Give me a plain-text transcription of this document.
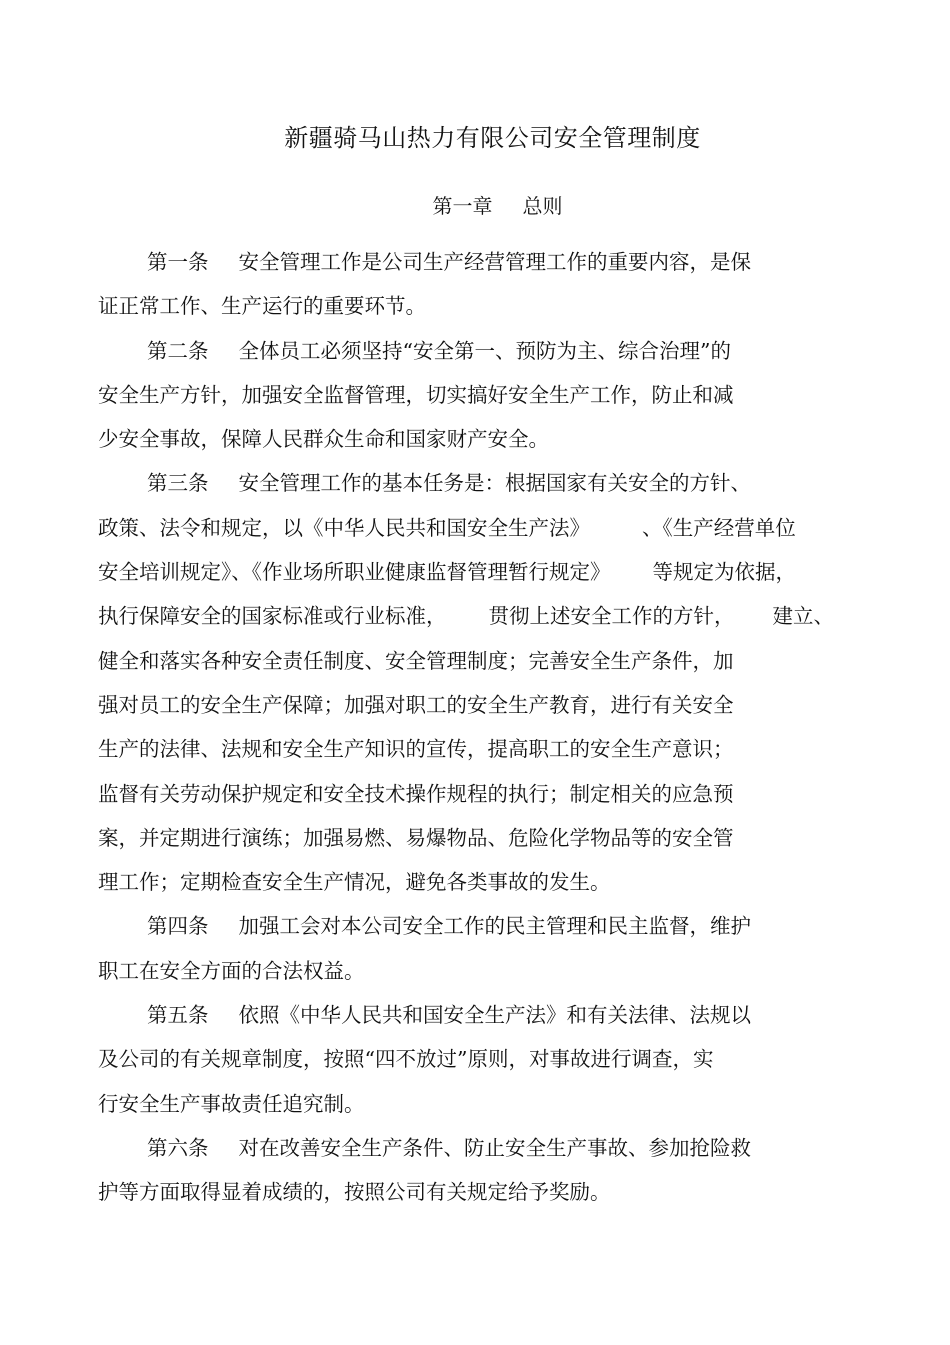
新疆骑马山热力有限公司安全管理制度
第一章 总则
第一条 安全管理工作是公司生产经营管理工作的重要内容，是保
证正常工作、生产运行的重要环节。
第二条 全体员工必须坚持“安全第一、预防为主、综合治理”的
安全生产方针，加强安全监督管理，切实搞好安全生产工作，防止和减
少安全事故，保障人民群众生命和国家财产安全。
第三条 安全管理工作的基本任务是：根据国家有关安全的方针、
政策、法令和规定，以《中华人民共和国安全生产法》	、《生产经营单位
安全培训规定》、《作业场所职业健康监督管理暂行规定》 等规定为依据，
执行保障安全的国家标准或行业标准， 贯彻上述安全工作的方针， 建立、
健全和落实各种安全责任制度、安全管理制度；完善安全生产条件，加
强对员工的安全生产保障；加强对职工的安全生产教育，进行有关安全
生产的法律、法规和安全生产知识的宣传，提高职工的安全生产意识；
监督有关劳动保护规定和安全技术操作规程的执行；制定相关的应急预
案，并定期进行演练；加强易燃、易爆物品、危险化学物品等的安全管
理工作；定期检查安全生产情况，避免各类事故的发生。
第四条 加强工会对本公司安全工作的民主管理和民主监督，维护
职工在安全方面的合法权益。
第五条 依照《中华人民共和国安全生产法》和有关法律、法规以
及公司的有关规章制度，按照“四不放过”原则，对事故进行调查，实
行安全生产事故责任追究制。
第六条 对在改善安全生产条件、防止安全生产事故、参加抢险救
护等方面取得显着成绩的，按照公司有关规定给予奖励。
